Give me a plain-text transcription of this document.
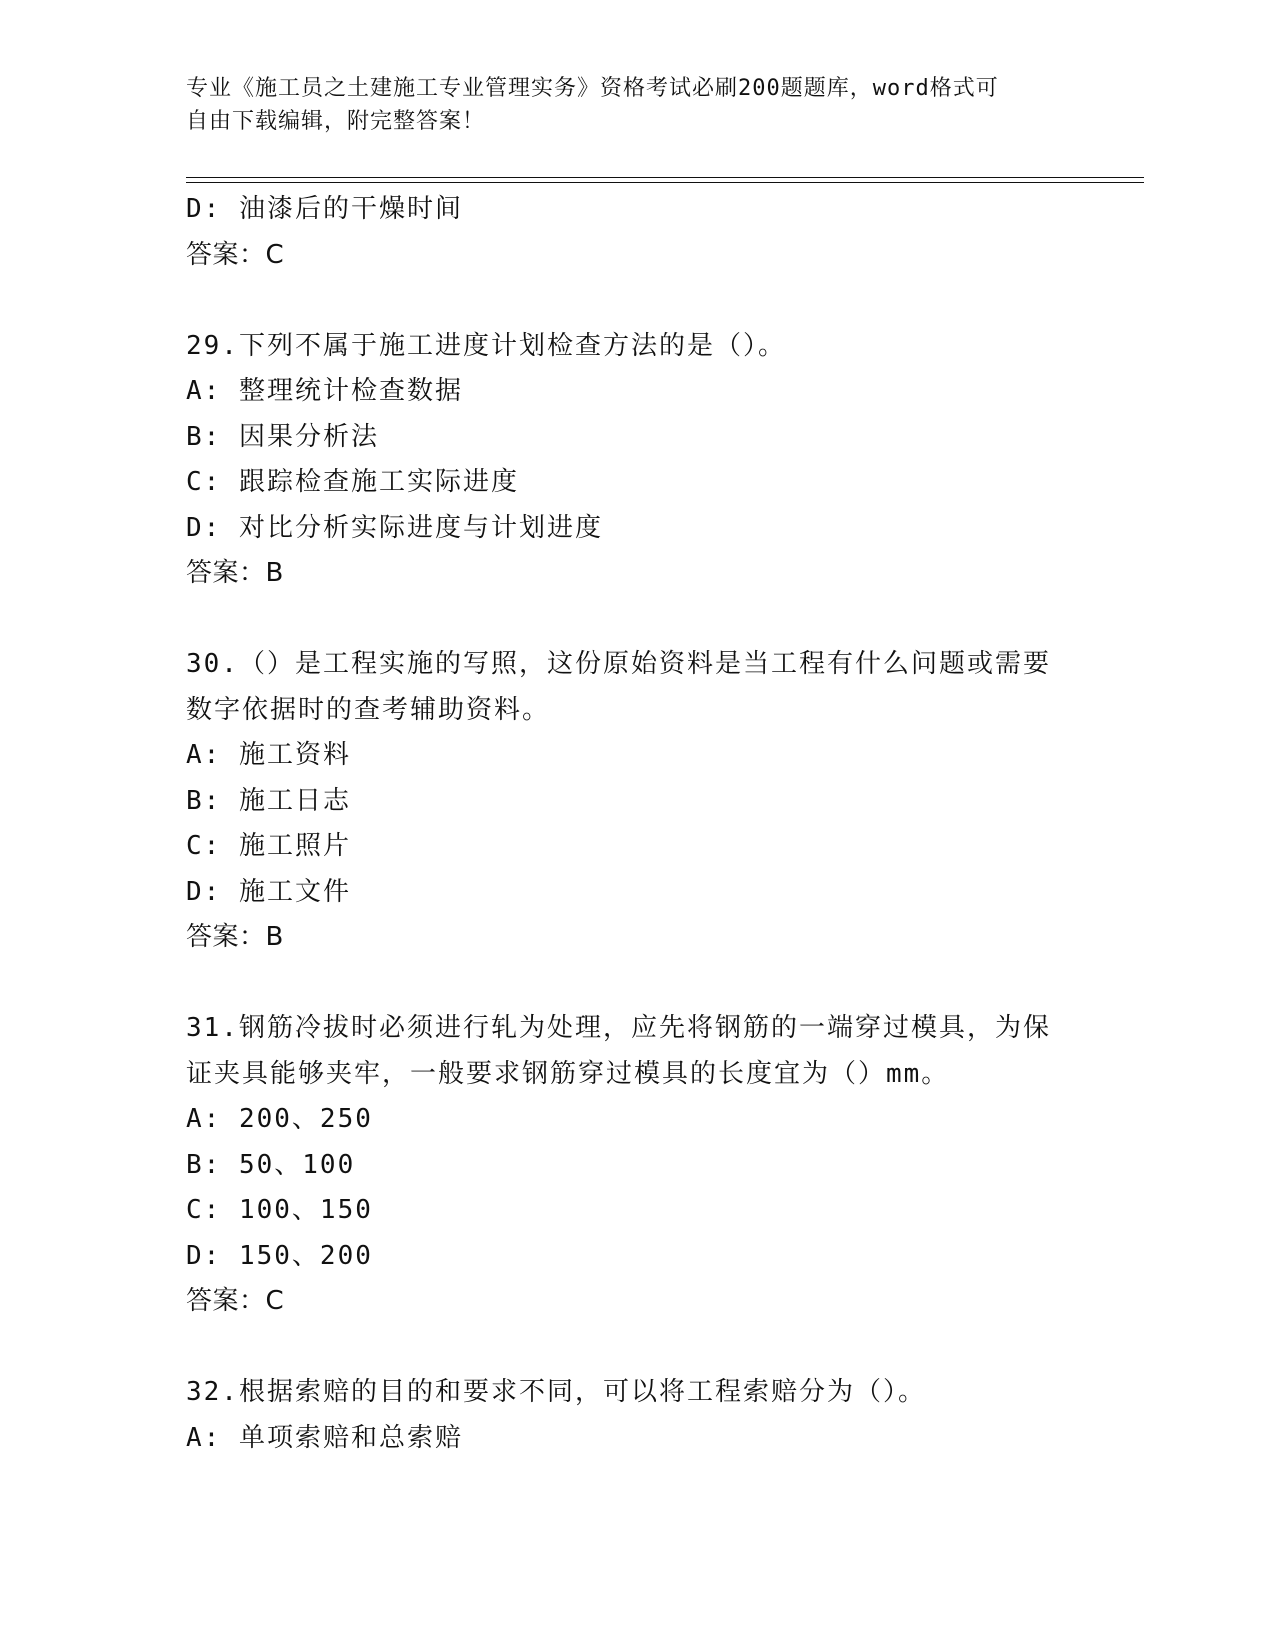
专业《施工员之土建施工专业管理实务》资格考试必刷200题题库，word格式可
自由下载编辑，附完整答案！
D: 油漆后的干燥时间
答案：C
29.下列不属于施工进度计划检查方法的是（）。
A: 整理统计检查数据
B: 因果分析法
C: 跟踪检查施工实际进度
D: 对比分析实际进度与计划进度
答案：B
30.（）是工程实施的写照，这份原始资料是当工程有什么问题或需要
数字依据时的查考辅助资料。
A: 施工资料
B: 施工日志
C: 施工照片
D: 施工文件
答案：B
31.钢筋冷拔时必须进行轧为处理，应先将钢筋的一端穿过模具，为保
证夹具能够夹牢，一般要求钢筋穿过模具的长度宜为（）mm。
A: 200、250
B: 50、100
C: 100、150
D: 150、200
答案：C
32.根据索赔的目的和要求不同，可以将工程索赔分为（）。
A: 单项索赔和总索赔
